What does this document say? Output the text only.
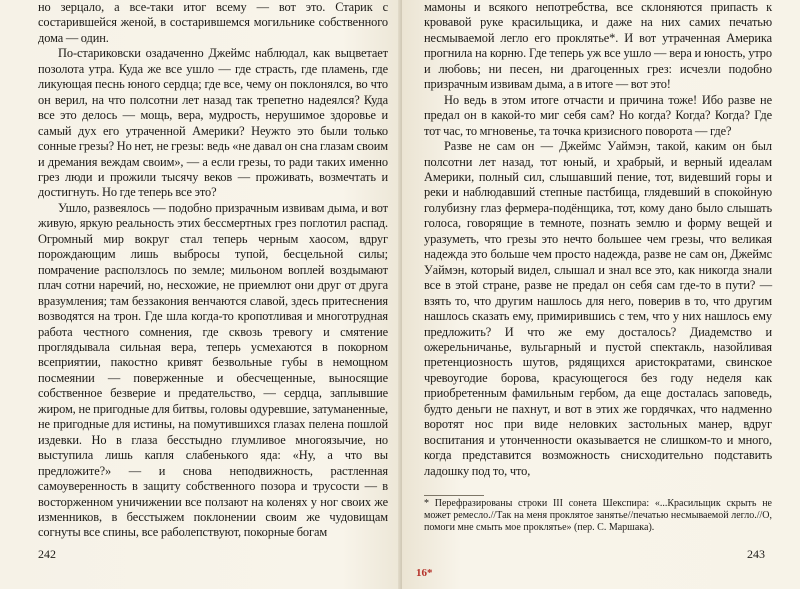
но зерцало, а все-таки итог всему — вот это. Старик с состарившейся женой, в состарившемся могильнике собственного дома — один.

По-стариковски озадаченно Джеймс наблюдал, как выцветает позолота утра. Куда же все ушло — где страсть, где пламень, где ликующая песнь юного сердца; где все, чему он поклонялся, во что он верил, на что полсотни лет назад так трепетно надеялся? Куда все это делось — мощь, вера, мудрость, нерушимое здоровье и самый дух его утраченной Америки? Неужто это были только сонные грезы? Но нет, не грезы: ведь «не давал он сна глазам своим и дремания веждам своим», — а если грезы, то ради таких именно грез люди и прожили тысячу веков — проживать, возмечтать и достигнуть. Но где теперь все это?

Ушло, развеялось — подобно призрачным извивам дыма, и вот живую, яркую реальность этих бессмертных грез поглотил распад. Огромный мир вокруг стал теперь черным хаосом, вдруг порождающим лишь выбросы тупой, бесцельной силы; помрачение расползлось по земле; мильоном воплей воздымают плач сотни наречий, но, несхожие, не приемлют они друг от друга вразумления; там беззакония венчаются славой, здесь притеснения возводятся на трон. Где шла когда-то кропотливая и многотрудная работа честного сомнения, где сквозь тревогу и смятение проглядывала сильная вера, теперь усмехаются в покорном всеприятии, пакостно кривят безвольные губы в немощном посмеянии — поверженные и обесчещенные, выносящие собственное безверие и предательство, — сердца, заплывшие жиром, не пригодные для битвы, головы одуревшие, затуманенные, не пригодные для истины, на помутившихся глазах пелена пошлой издевки. Но в глаза бесстыдно глумливое многоязычие, но выступила лишь капля слабенького яда: «Ну, а что вы предложите?» — и снова неподвижность, растленная самоуверенность в защиту собственного позора и трусости — в восторженном уничижении все ползают на коленях у ног своих же изменников, в бесстыжем поклонении своим же чудовищам согнуты все спины, все раболепствуют, покорные богам

242

мамоны и всякого непотребства, все склоняются припасть к кровавой руке красильщика, и даже на них самих печатью несмываемой легло его проклятье*. И вот утраченная Америка прогнила на корню. Где теперь уж все ушло — вера и юность, утро и любовь; ни песен, ни драгоценных грез: исчезли подобно призрачным извивам дыма, а в итоге — вот это!

Но ведь в этом итоге отчасти и причина тоже! Ибо разве не предал он в какой-то миг себя сам? Но когда? Когда? Когда? Где тот час, то мгновенье, та точка кризисного поворота — где?

Разве не сам он — Джеймс Уаймэн, такой, каким он был полсотни лет назад, тот юный, и храбрый, и верный идеалам Америки, полный сил, слышавший пение, тот, видевший горы и реки и наблюдавший степные пастбища, глядевший в спокойную голубизну глаз фермера-подёнщика, тот, кому дано было слышать голоса, говорящие в темноте, познать землю и форму вещей и уразуметь, что грезы это нечто большее чем грезы, что великая надежда это больше чем просто надежда, разве не сам он, Джеймс Уаймэн, который видел, слышал и знал все это, как никогда знали все в этой стране, разве не предал он себя сам где-то в пути? — взять то, что другим нашлось для него, поверив в то, что другим нашлось сказать ему, примирившись с тем, что у них нашлось ему предложить? И что же ему досталось? Диадемство и ожерельничанье, вульгарный и пустой спектакль, назойливая претенциозность шутов, рядящихся аристократами, свинское чревоугодие борова, красующегося без году неделя как приобретенным фамильным гербом, да еще досталась заповедь, будто деньги не пахнут, и вот в этих же гордячках, что надменно воротят нос при виде неловких застольных манер, вдруг воспитания и утонченности оказывается не слишком-то и много, когда представится возможность снисходительно подставить ладошку под то, что,

* Перефразированы строки III сонета Шекспира: «...Красильщик скрыть не может ремесло.//Так на меня проклятое занятье//печатью несмываемой легло.//О, помоги мне смыть мое проклятье» (пер. С. Маршака).
243
16*
